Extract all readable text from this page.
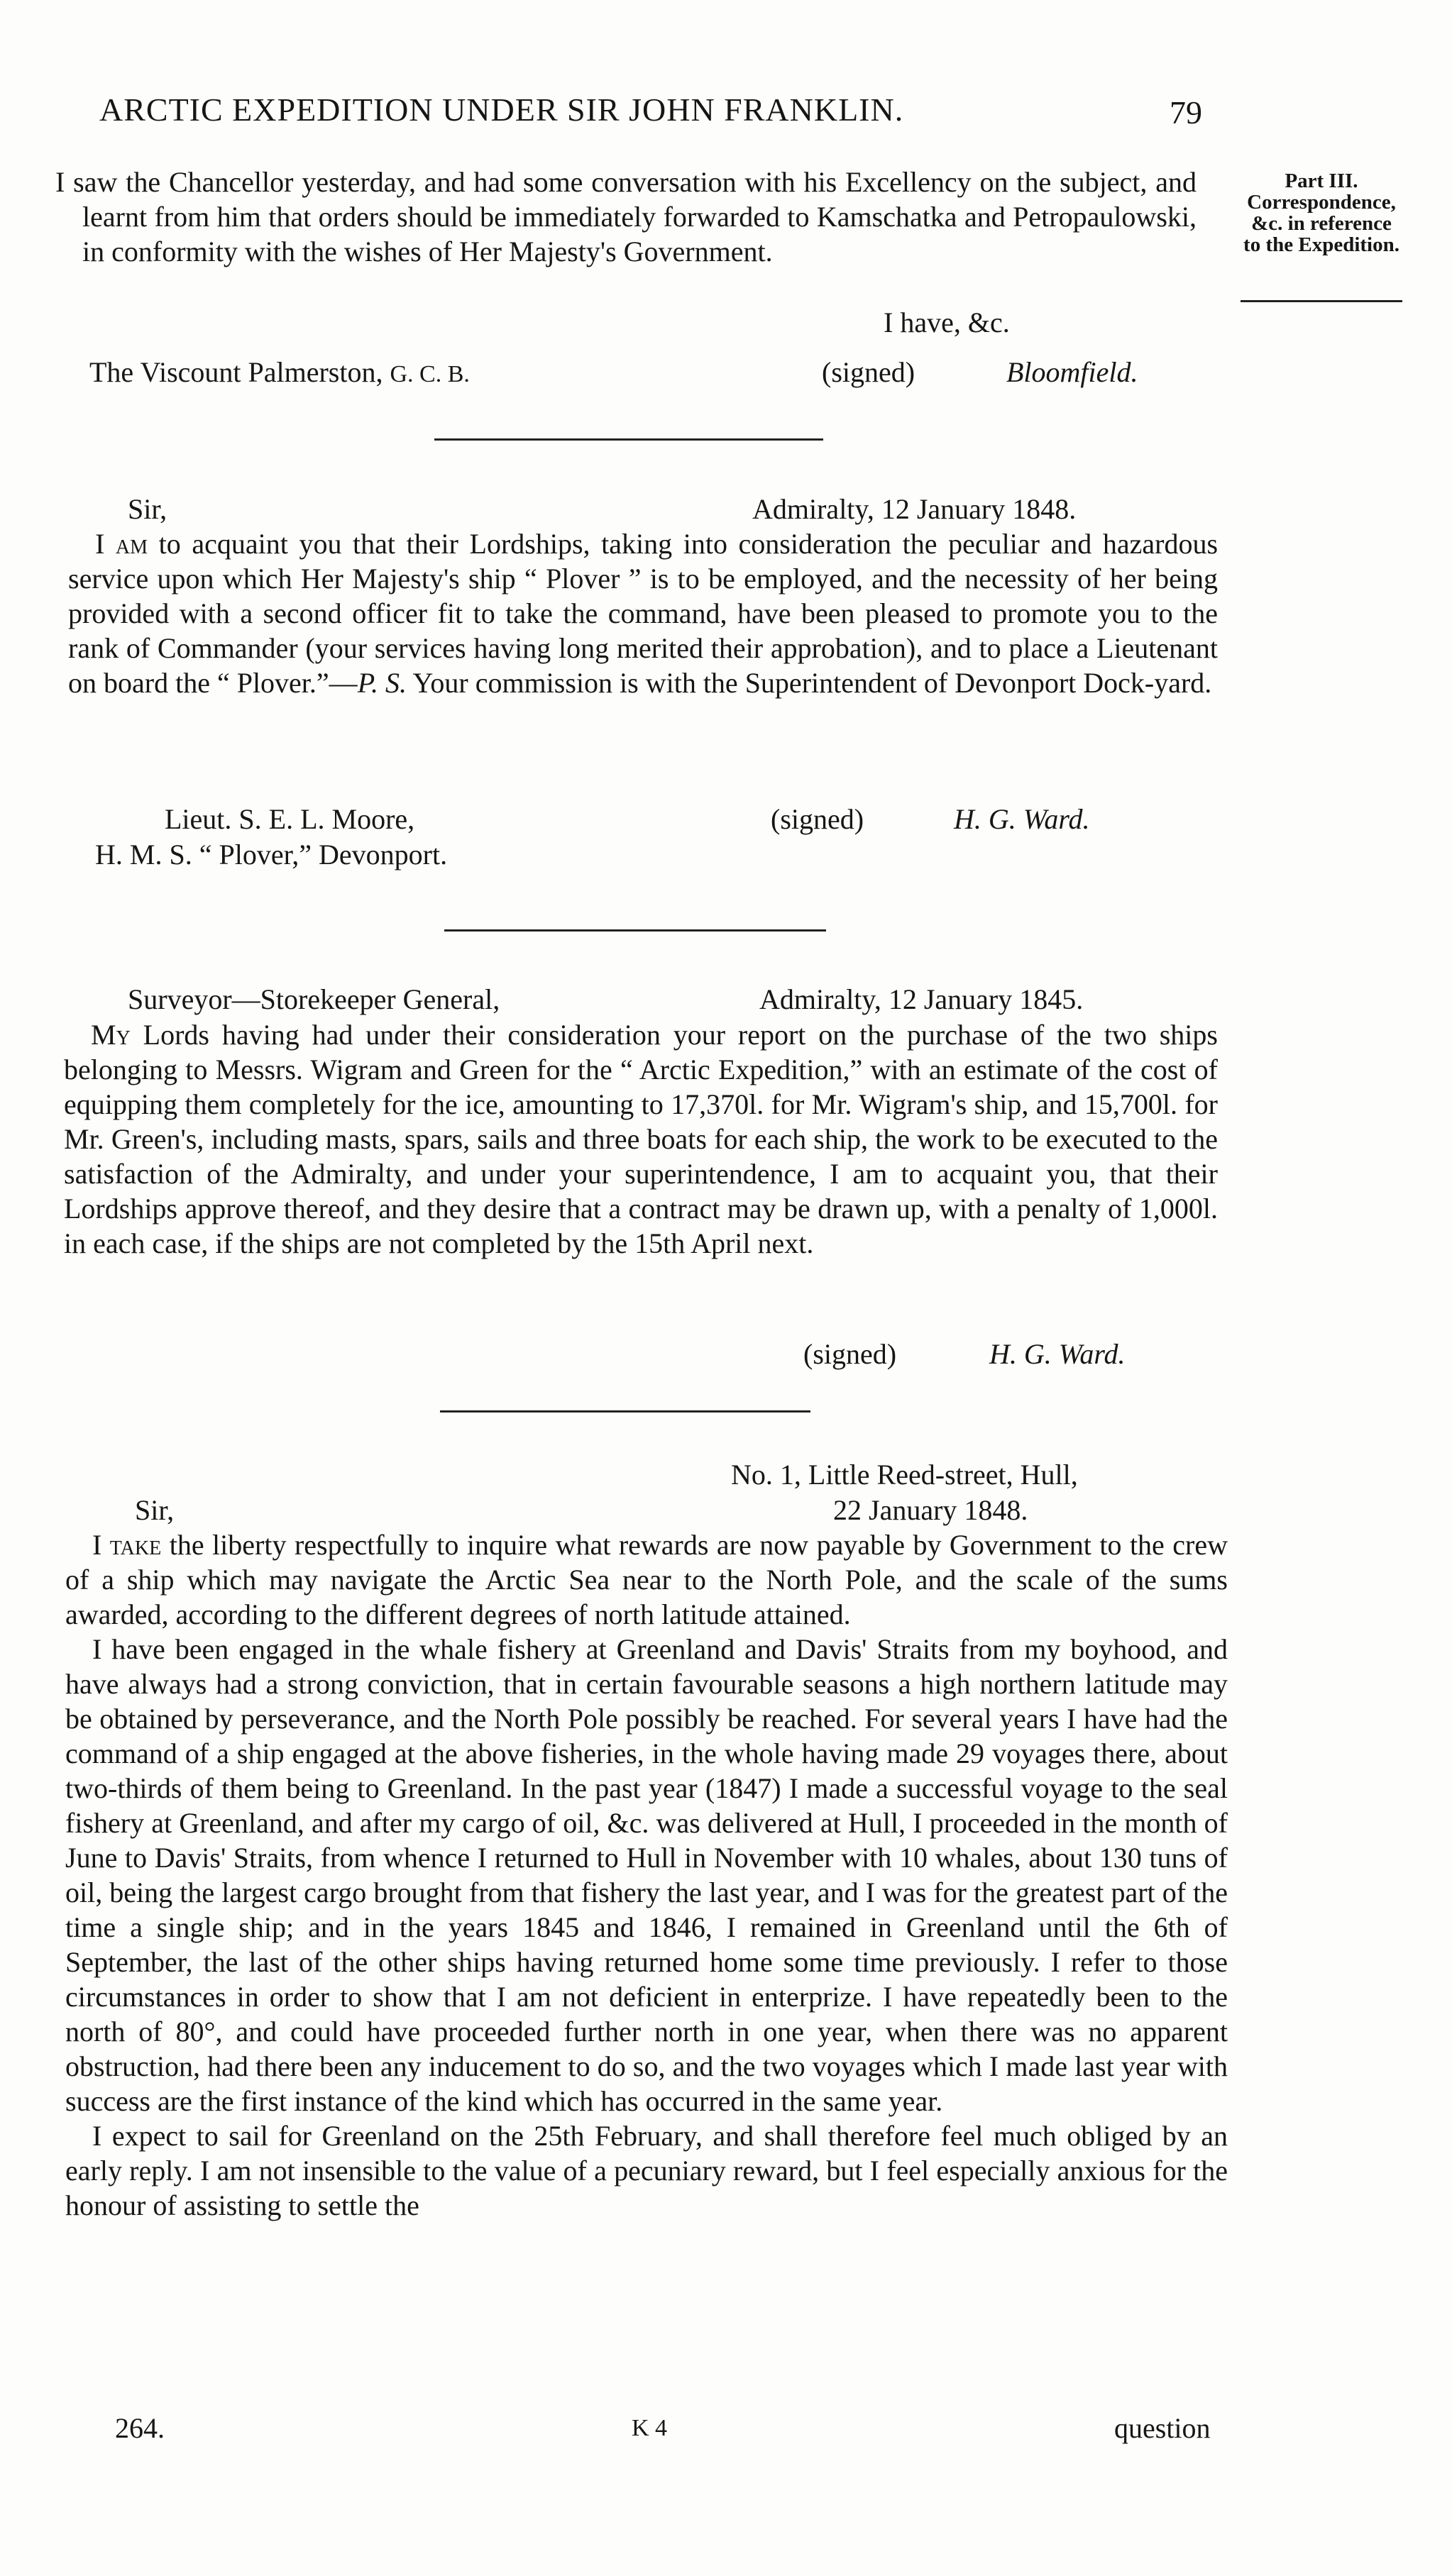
ARCTIC EXPEDITION UNDER SIR JOHN FRANKLIN.	79
Part III.
Correspondence,
&c. in reference
to the Expedition.

I saw the Chancellor yesterday, and had some conversation with his Excellency on the subject, and learnt from him that orders should be immediately forwarded to Kamschatka and Petropaulowski, in conformity with the wishes of Her Majesty's Government.

I have, &c.
The Viscount Palmerston, G. C. B.	(signed)	Bloomfield.
Sir,	Admiralty, 12 January 1848.

I am to acquaint you that their Lordships, taking into consideration the peculiar and hazardous service upon which Her Majesty's ship “ Plover ” is to be employed, and the necessity of her being provided with a second officer fit to take the command, have been pleased to promote you to the rank of Commander (your services having long merited their approbation), and to place a Lieutenant on board the “ Plover.”—P. S. Your commission is with the Superintendent of Devonport Dock-yard.

Lieut. S. E. L. Moore,
H. M. S. “ Plover,” Devonport.
(signed)	H. G. Ward.
Surveyor—Storekeeper General,	Admiralty, 12 January 1845.

My Lords having had under their consideration your report on the purchase of the two ships belonging to Messrs. Wigram and Green for the “ Arctic Expedition,” with an estimate of the cost of equipping them completely for the ice, amounting to 17,370l. for Mr. Wigram's ship, and 15,700l. for Mr. Green's, including masts, spars, sails and three boats for each ship, the work to be executed to the satisfaction of the Admiralty, and under your superintendence, I am to acquaint you, that their Lordships approve thereof, and they desire that a contract may be drawn up, with a penalty of 1,000l. in each case, if the ships are not completed by the 15th April next.

(signed)	H. G. Ward.
No. 1, Little Reed-street, Hull,
22 January 1848.
Sir,

I take the liberty respectfully to inquire what rewards are now payable by Government to the crew of a ship which may navigate the Arctic Sea near to the North Pole, and the scale of the sums awarded, according to the different degrees of north latitude attained.

I have been engaged in the whale fishery at Greenland and Davis' Straits from my boyhood, and have always had a strong conviction, that in certain favourable seasons a high northern latitude may be obtained by perseverance, and the North Pole possibly be reached. For several years I have had the command of a ship engaged at the above fisheries, in the whole having made 29 voyages there, about two-thirds of them being to Greenland. In the past year (1847) I made a successful voyage to the seal fishery at Greenland, and after my cargo of oil, &c. was delivered at Hull, I proceeded in the month of June to Davis' Straits, from whence I returned to Hull in November with 10 whales, about 130 tuns of oil, being the largest cargo brought from that fishery the last year, and I was for the greatest part of the time a single ship; and in the years 1845 and 1846, I remained in Greenland until the 6th of September, the last of the other ships having returned home some time previously. I refer to those circumstances in order to show that I am not deficient in enterprize. I have repeatedly been to the north of 80°, and could have proceeded further north in one year, when there was no apparent obstruction, had there been any inducement to do so, and the two voyages which I made last year with success are the first instance of the kind which has occurred in the same year.

I expect to sail for Greenland on the 25th February, and shall therefore feel much obliged by an early reply. I am not insensible to the value of a pecuniary reward, but I feel especially anxious for the honour of assisting to settle the

264.	K 4	question
